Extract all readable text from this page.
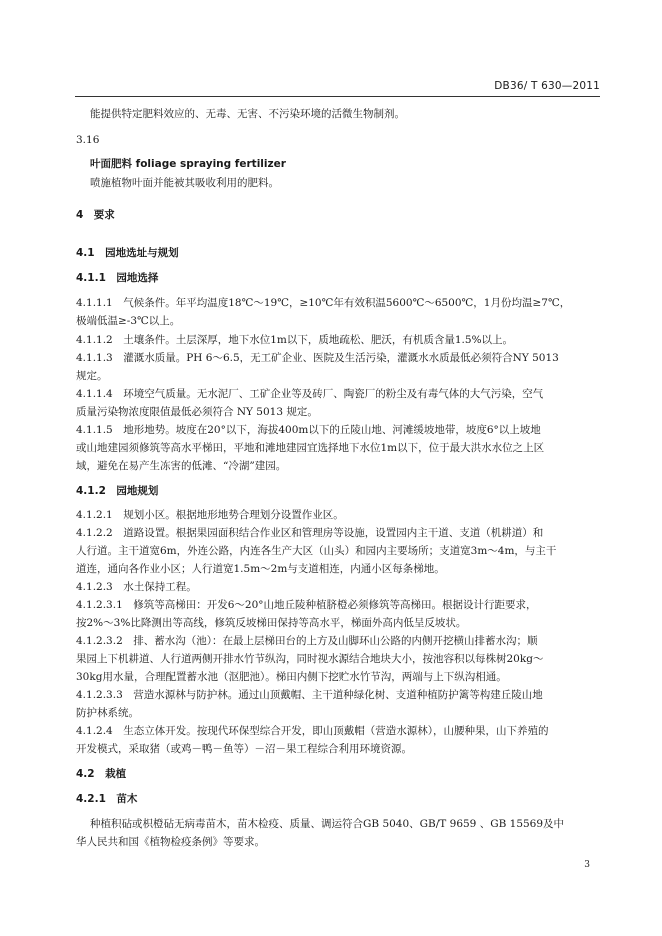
DB36/ T 630—2011
能提供特定肥料效应的、无毒、无害、不污染环境的活微生物制剂。
3.16
叶面肥料 foliage spraying fertilizer
喷施植物叶面并能被其吸收利用的肥料。
4　要求
4.1　园地选址与规划
4.1.1　园地选择
4.1.1.1　气候条件。年平均温度18℃～19℃，≥10℃年有效积温5600℃～6500℃，1月份均温≥7℃，
极端低温≥-3℃以上。
4.1.1.2　土壤条件。土层深厚，地下水位1m以下，质地疏松、肥沃，有机质含量1.5%以上。
4.1.1.3　灌溉水质量。PH 6～6.5，无工矿企业、医院及生活污染，灌溉水水质最低必须符合NY 5013
规定。
4.1.1.4　环境空气质量。无水泥厂、工矿企业等及砖厂、陶瓷厂的粉尘及有毒气体的大气污染，空气
质量污染物浓度限值最低必须符合 NY 5013 规定。
4.1.1.5　地形地势。坡度在20°以下，海拔400m以下的丘陵山地、河滩缓坡地带，坡度6°以上坡地
或山地建园须修筑等高水平梯田，平地和滩地建园宜选择地下水位1m以下，位于最大洪水水位之上区
域，避免在易产生冻害的低滩、“冷湖”建园。
4.1.2　园地规划
4.1.2.1　规划小区。根据地形地势合理划分设置作业区。
4.1.2.2　道路设置。根据果园面积结合作业区和管理房等设施，设置园内主干道、支道（机耕道）和
人行道。主干道宽6m，外连公路，内连各生产大区（山头）和园内主要场所；支道宽3m～4m，与主干
道连，通向各作业小区；人行道宽1.5m～2m与支道相连，内通小区每条梯地。
4.1.2.3　水土保持工程。
4.1.2.3.1　修筑等高梯田：开发6～20°山地丘陵种植脐橙必须修筑等高梯田。根据设计行距要求，
按2%～3%比降测出等高线，修筑反坡梯田保持等高水平，梯面外高内低呈反坡状。
4.1.2.3.2　排、蓄水沟（池）：在最上层梯田台的上方及山脚环山公路的内侧开挖横山排蓄水沟；顺
果园上下机耕道、人行道两侧开排水竹节纵沟，同时视水源结合地块大小，按池容积以每株树20kg～
30kg用水量，合理配置蓄水池（沤肥池）。梯田内侧下挖贮水竹节沟，两端与上下纵沟相通。
4.1.2.3.3　营造水源林与防护林。通过山顶戴帽、主干道种绿化树、支道种植防护篱等构建丘陵山地
防护林系统。
4.1.2.4　生态立体开发。按现代环保型综合开发，即山顶戴帽（营造水源林），山腰种果，山下养殖的
开发模式，采取猪（或鸡－鸭－鱼等）－沼－果工程综合利用环境资源。
4.2　栽植
4.2.1　苗木
种植积砧或枳橙砧无病毒苗木，苗木检疫、质量、调运符合GB 5040、GB/T 9659 、GB 15569及中
华人民共和国《植物检疫条例》等要求。
3
